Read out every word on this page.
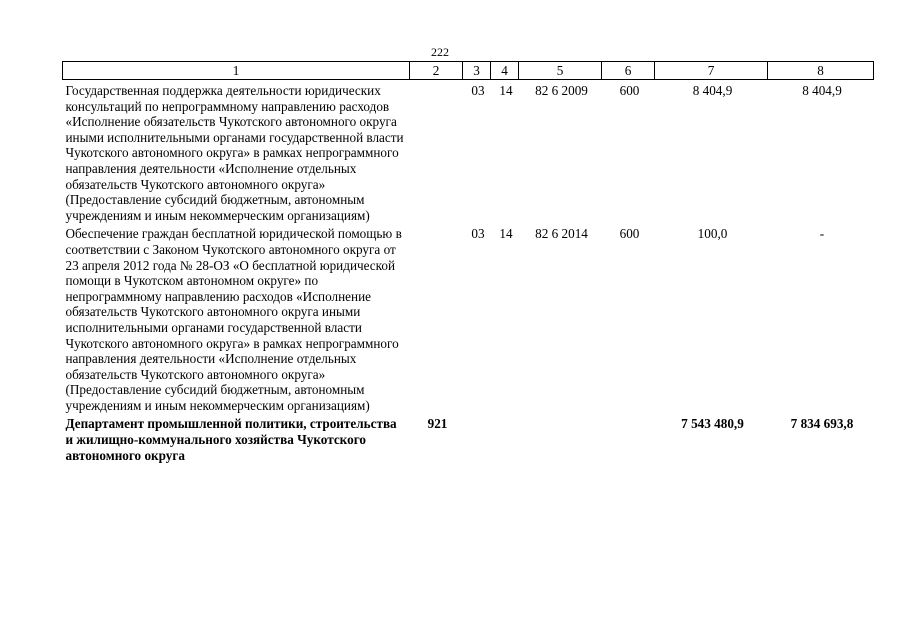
222
1	2	3	4	5	6	7	8
Государственная поддержка деятельности юридических консультаций по непрограммному направлению расходов «Исполнение обязательств Чукотского автономного округа иными исполнительными органами государственной власти Чукотского автономного округа» в рамках непрограммного направления деятельности «Исполнение отдельных обязательств Чукотского автономного округа» (Предоставление субсидий бюджетным, автономным учреждениям и иным некоммерческим организациям)		03	14	82 6 2009	600	8 404,9	8 404,9
Обеспечение граждан бесплатной юридической помощью в соответствии с Законом Чукотского автономного округа от 23 апреля 2012 года № 28-ОЗ «О бесплатной юридической помощи в Чукотском автономном округе» по непрограммному направлению расходов «Исполнение обязательств Чукотского автономного округа иными исполнительными органами государственной власти Чукотского автономного округа» в рамках непрограммного направления деятельности «Исполнение отдельных обязательств Чукотского автономного округа» (Предоставление субсидий бюджетным, автономным учреждениям и иным некоммерческим организациям)		03	14	82 6 2014	600	100,0	-
Департамент промышленной политики, строительства и жилищно-коммунального хозяйства Чукотского автономного округа	921					7 543 480,9	7 834 693,8
